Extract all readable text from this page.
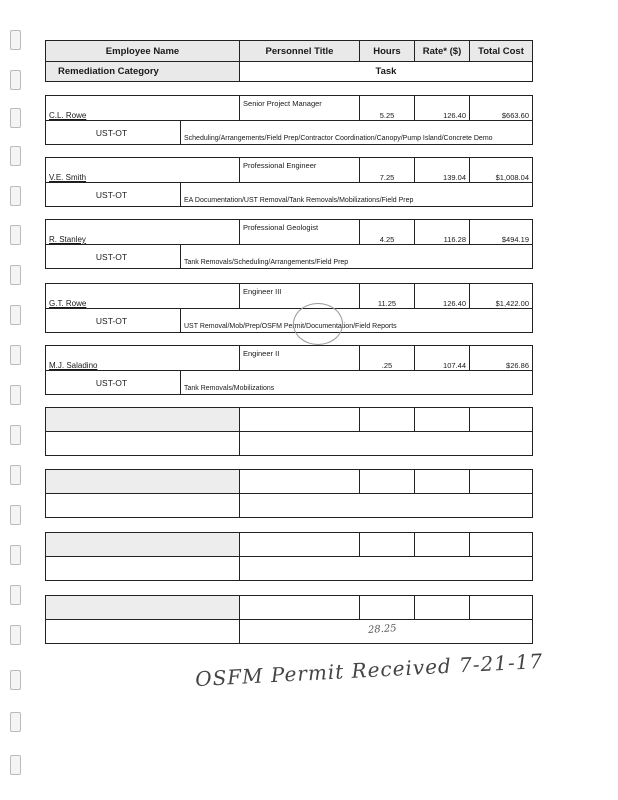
Employee Name	Personnel Title	Hours	Rate* ($)	Total Cost
Remediation Category	Task			
C.L. Rowe		Senior Project Manager	5.25	126.40	$663.60
UST-OT	Scheduling/Arrangements/Field Prep/Contractor Coordination/Canopy/Pump Island/Concrete Demo				
V.E. Smith		Professional Engineer	7.25	139.04	$1,008.04
UST-OT	EA Documentation/UST Removal/Tank Removals/Mobilizations/Field Prep				
R. Stanley		Professional Geologist	4.25	116.28	$494.19
UST-OT	Tank Removals/Scheduling/Arrangements/Field Prep				
G.T. Rowe		Engineer III	11.25	126.40	$1,422.00
UST-OT	UST Removal/Mob/Prep/OSFM Permit/Documentation/Field Reports				
M.J. Saladino		Engineer II	.25	107.44	$26.86
UST-OT	Tank Removals/Mobilizations				

28.25
OSFM Permit Received 7-21-17
